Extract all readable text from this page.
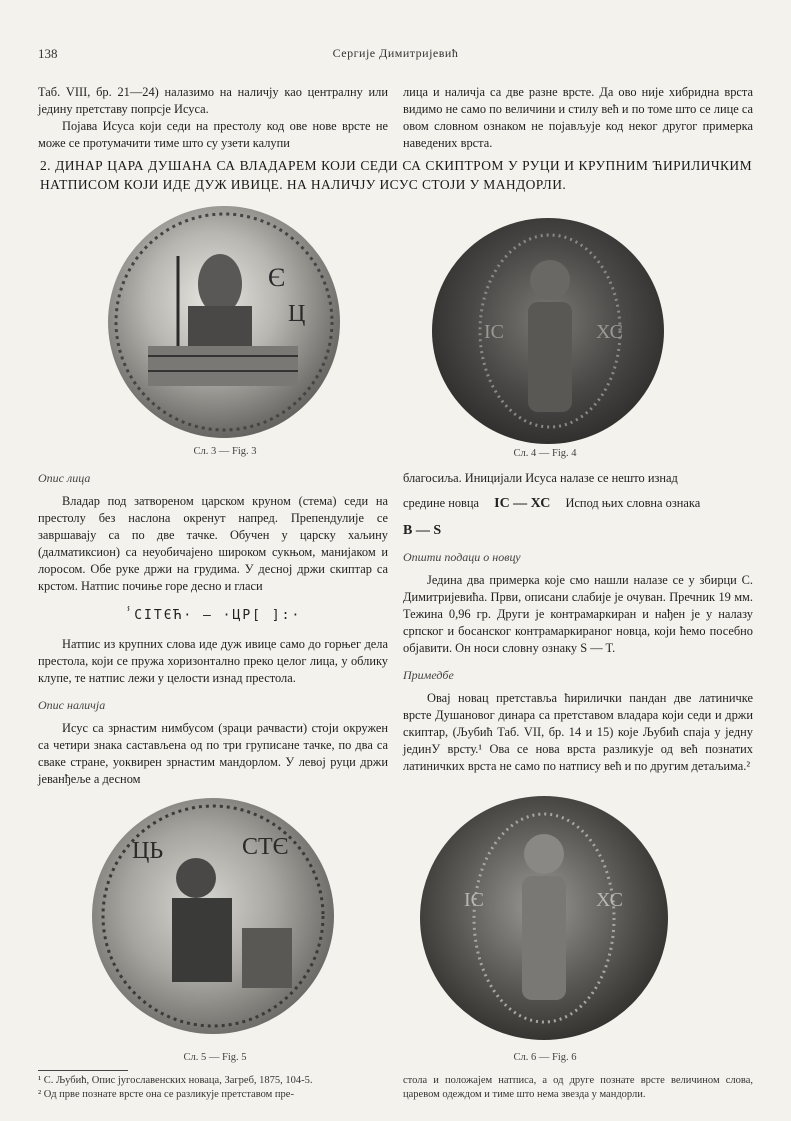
138	Сергије Димитријевић

Таб. VIII, бр. 21—24) налазимо на наличју као централну или једину претставу попрсје Исуса.

Појава Исуса који седи на престолу код ове нове врсте не може се протумачити тиме што су узети калупи

лица и наличја са две разне врсте. Да ово није хибридна врста видимо не само по величини и стилу већ и по томе што се лице са овом словном ознаком не појављује код неког другог примерка наведених врста.

2. ДИНАР ЦАРА ДУШАНА СА ВЛАДАРЕМ КОЈИ СЕДИ СА СКИПТРОМ У РУЦИ И КРУПНИМ ЋИРИЛИЧКИМ НАТПИСОМ КОЈИ ИДЕ ДУЖ ИВИЦЕ. НА НАЛИЧЈУ ИСУС СТОЈИ У МАНДОРЛИ.
Є
Ц
Сл. 3 — Fig. 3
ІС	ХС
Сл. 4 — Fig. 4

Опис лица

Владар под затвореном царском круном (стема) седи на престолу без наслона окренут напред. Препендулије се завршавају са по две тачке. Обучен у царску хаљину (далматиксион) са неуобичајено широком сукњом, манијаком и лоросом. Обе руке држи на грудима. У десној држи скиптар са крстом. Натпис почиње горе десно и гласи

ⸯСІТЄЋ· — ·ЦР[ ]:·

Натпис из крупних слова иде дуж ивице само до горњег дела престола, који се пружа хоризонтално преко целог лица, у облику клупе, те натпис лежи у целости изнад престола.

Опис наличја

Исус са зрнастим нимбусом (зраци рачвасти) стоји окружен са четири знака састављена од по три груписане тачке, по два са сваке стране, уоквирен зрнастим мандорлом. У левој руци држи јеванђеље а десном

благосиља. Иницијали Исуса налазе се нешто изнад

средине новца ІС — ХС Испод њих словна ознака

В — Ѕ

Општи подаци о новцу

Једина два примерка које смо нашли налазе се у збирци С. Димитријевића. Први, описани слабије је очуван. Пречник 19 мм. Тежина 0,96 гр. Други је контрамаркиран и нађен је у налазу српског и босанског контрамаркираног новца, који ћемо посебно објавити. Он носи словну ознаку S — T.

Примедбе

Овај новац претставља ћирилички пандан две латиничке врсте Душановог динара са претставом владара који седи и држи скиптар, (Љубић Таб. VII, бр. 14 и 15) које Љубић спаја у једну јединУ врсту.¹ Ова се нова врста разликује од већ познатих латиничких врста не само по натпису већ и по другим детаљима.²

ЦЬ	СТЄ
Сл. 5 — Fig. 5
ІС	ХС
Сл. 6 — Fig. 6
¹ С. Љубић, Опис југославенских новаца, Загреб, 1875, 104-5.
² Од прве познате врсте она се разликује претставом пре-
стола и положајем натписа, а од друге познате врсте величином слова, царевом одеждом и тиме што нема звезда у мандорли.
